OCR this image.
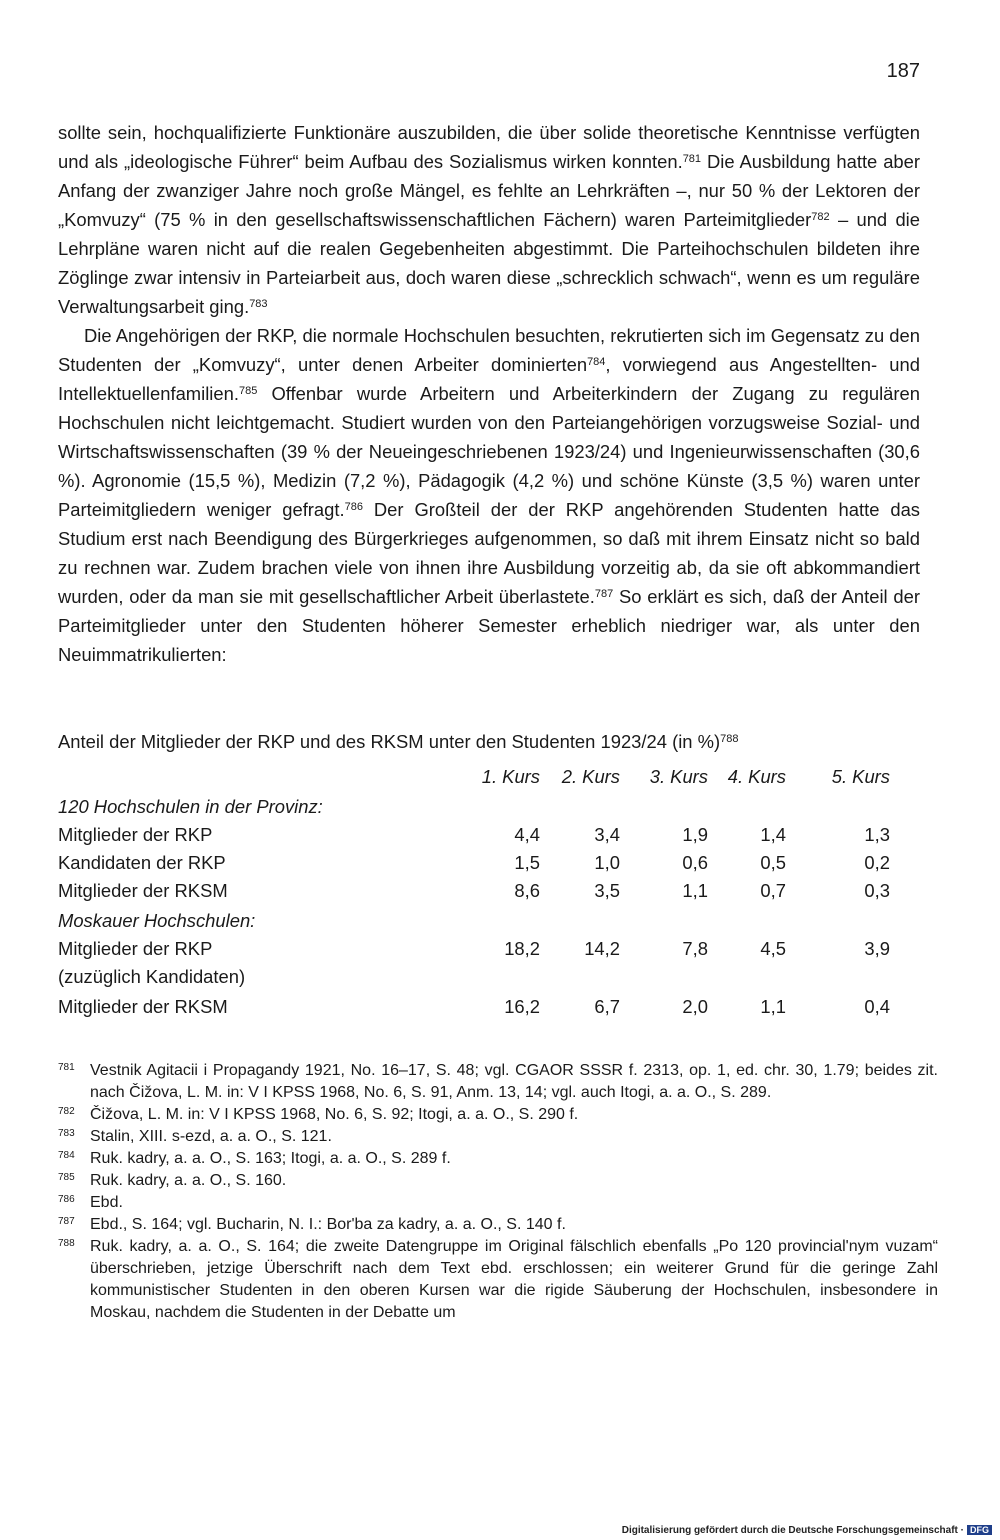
187

sollte sein, hochqualifizierte Funktionäre auszubilden, die über solide theoretische Kenntnisse verfügten und als „ideologische Führer“ beim Aufbau des Sozialismus wirken konnten.$^{781}$ Die Ausbildung hatte aber Anfang der zwanziger Jahre noch große Mängel, es fehlte an Lehrkräften –, nur 50 % der Lektoren der „Komvuzy“ (75 % in den gesellschaftswissenschaftlichen Fächern) waren Parteimitglieder$^{782}$ – und die Lehrpläne waren nicht auf die realen Gegebenheiten abgestimmt. Die Parteihochschulen bildeten ihre Zöglinge zwar intensiv in Parteiarbeit aus, doch waren diese „schrecklich schwach“, wenn es um reguläre Verwaltungsarbeit ging.$^{783}$

Die Angehörigen der RKP, die normale Hochschulen besuchten, rekrutierten sich im Gegensatz zu den Studenten der „Komvuzy“, unter denen Arbeiter dominierten$^{784}$, vorwiegend aus Angestellten- und Intellektuellenfamilien.$^{785}$ Offenbar wurde Arbeitern und Arbeiterkindern der Zugang zu regulären Hochschulen nicht leichtgemacht. Studiert wurden von den Parteiangehörigen vorzugsweise Sozial- und Wirtschaftswissenschaften (39 % der Neueingeschriebenen 1923/24) und Ingenieurwissenschaften (30,6 %). Agronomie (15,5 %), Medizin (7,2 %), Pädagogik (4,2 %) und schöne Künste (3,5 %) waren unter Parteimitgliedern weniger gefragt.$^{786}$ Der Großteil der der RKP angehörenden Studenten hatte das Studium erst nach Beendigung des Bürgerkrieges aufgenommen, so daß mit ihrem Einsatz nicht so bald zu rechnen war. Zudem brachen viele von ihnen ihre Ausbildung vorzeitig ab, da sie oft abkommandiert wurden, oder da man sie mit gesellschaftlicher Arbeit überlastete.$^{787}$ So erklärt es sich, daß der Anteil der Parteimitglieder unter den Studenten höherer Semester erheblich niedriger war, als unter den Neuimmatrikulierten:

Anteil der Mitglieder der RKP und des RKSM unter den Studenten 1923/24 (in %)$^{788}$
1. Kurs	2. Kurs	3. Kurs	4. Kurs	5. Kurs
120 Hochschulen in der Provinz:
Mitglieder der RKP	4,4	3,4	1,9	1,4	1,3
Kandidaten der RKP	1,5	1,0	0,6	0,5	0,2
Mitglieder der RKSM	8,6	3,5	1,1	0,7	0,3
Moskauer Hochschulen:
Mitglieder der RKP	18,2	14,2	7,8	4,5	3,9
(zuzüglich Kandidaten)
Mitglieder der RKSM	16,2	6,7	2,0	1,1	0,4
781 Vestnik Agitacii i Propagandy 1921, No. 16–17, S. 48; vgl. CGAOR SSSR f. 2313, op. 1, ed. chr. 30, 1.79; beides zit. nach Čižova, L. M. in: V I KPSS 1968, No. 6, S. 91, Anm. 13, 14; vgl. auch Itogi, a. a. O., S. 289.
782 Čižova, L. M. in: V I KPSS 1968, No. 6, S. 92; Itogi, a. a. O., S. 290 f.
783 Stalin, XIII. s-ezd, a. a. O., S. 121.
784 Ruk. kadry, a. a. O., S. 163; Itogi, a. a. O., S. 289 f.
785 Ruk. kadry, a. a. O., S. 160.
786 Ebd.
787 Ebd., S. 164; vgl. Bucharin, N. I.: Bor'ba za kadry, a. a. O., S. 140 f.
788 Ruk. kadry, a. a. O., S. 164; die zweite Datengruppe im Original fälschlich ebenfalls „Po 120 provincial'nym vuzam“ überschrieben, jetzige Überschrift nach dem Text ebd. erschlossen; ein weiterer Grund für die geringe Zahl kommunistischer Studenten in den oberen Kursen war die rigide Säuberung der Hochschulen, insbesondere in Moskau, nachdem die Studenten in der Debatte um
Digitalisierung gefördert durch die Deutsche Forschungsgemeinschaft · DFG
